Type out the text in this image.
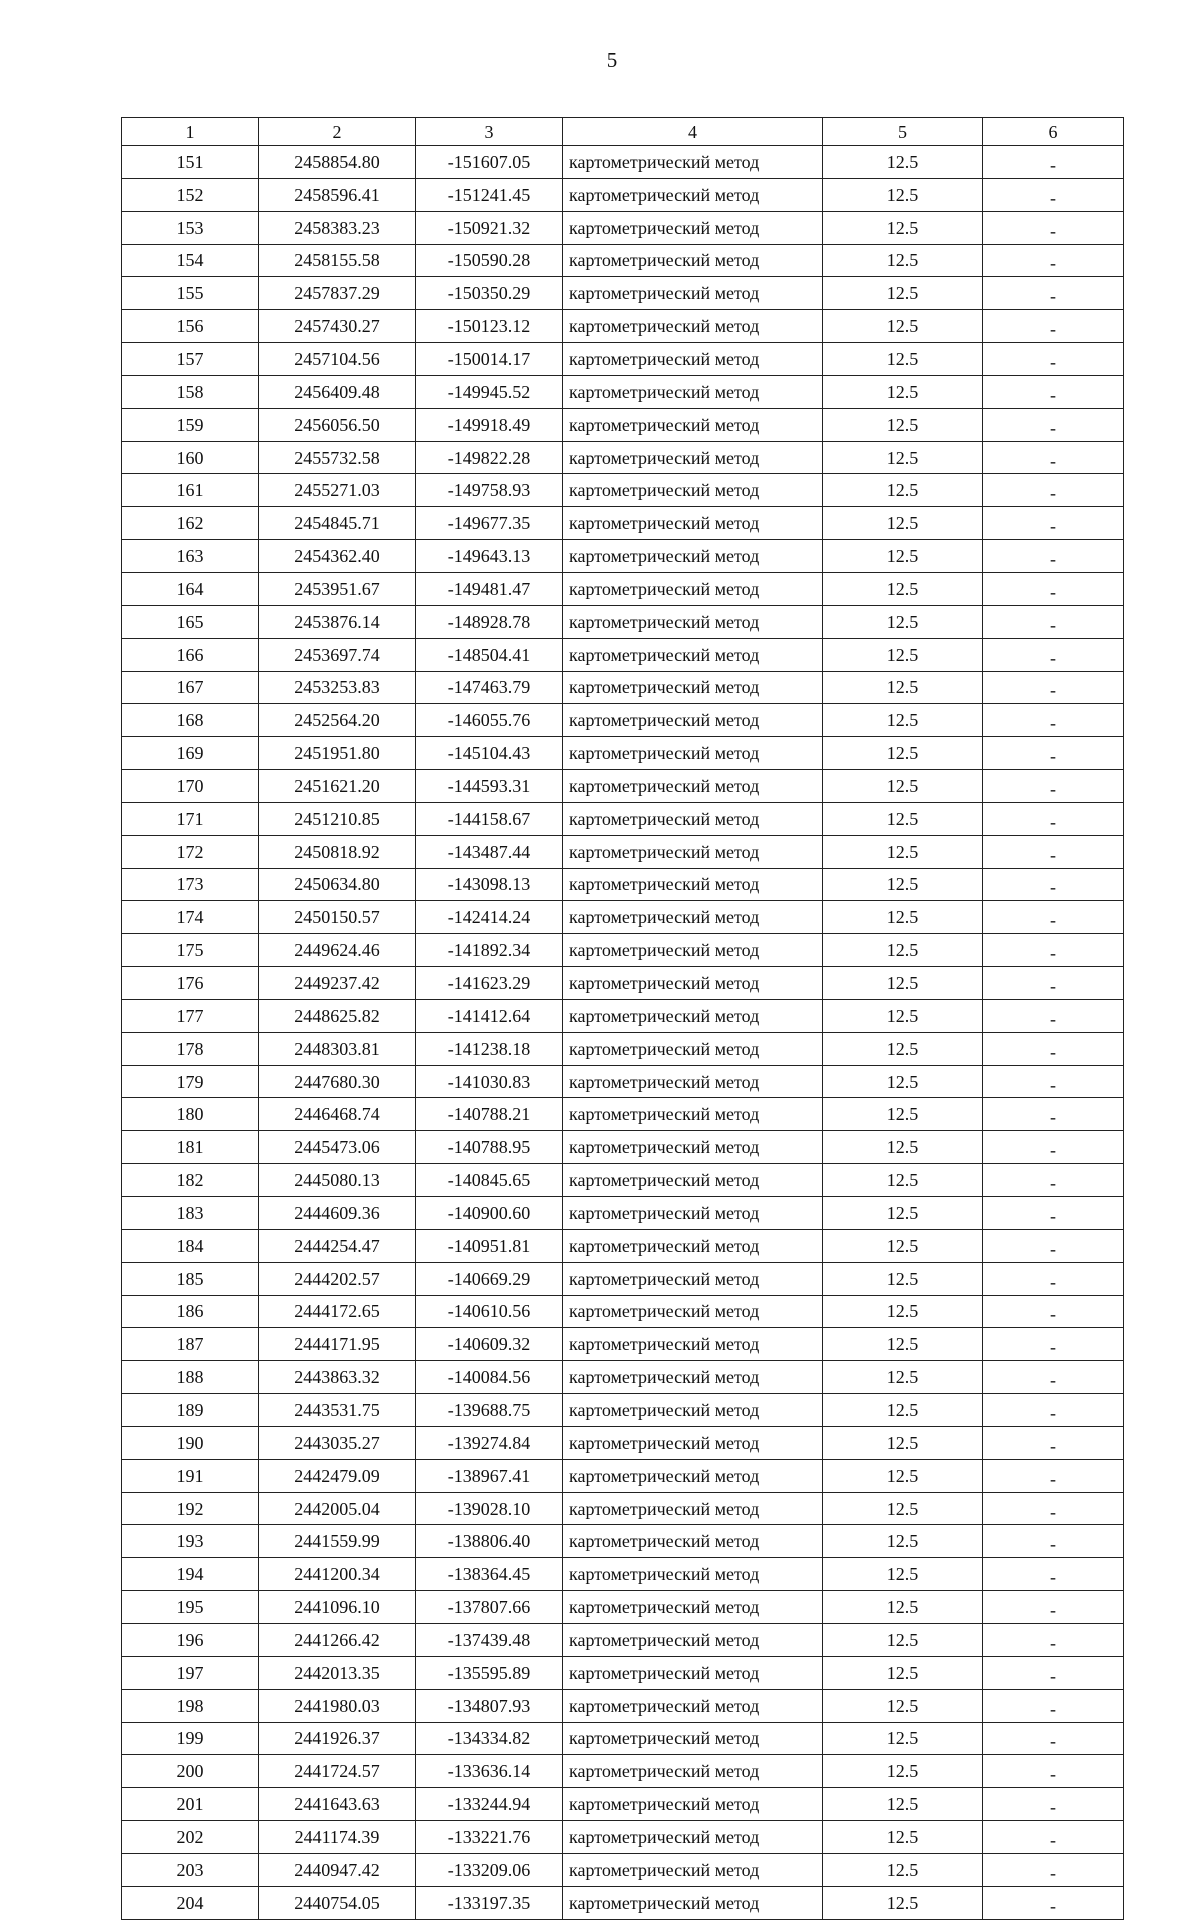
5
1	2	3	4	5	6
151	2458854.80	-151607.05	картометрический метод	12.5	-
152	2458596.41	-151241.45	картометрический метод	12.5	-
153	2458383.23	-150921.32	картометрический метод	12.5	-
154	2458155.58	-150590.28	картометрический метод	12.5	-
155	2457837.29	-150350.29	картометрический метод	12.5	-
156	2457430.27	-150123.12	картометрический метод	12.5	-
157	2457104.56	-150014.17	картометрический метод	12.5	-
158	2456409.48	-149945.52	картометрический метод	12.5	-
159	2456056.50	-149918.49	картометрический метод	12.5	-
160	2455732.58	-149822.28	картометрический метод	12.5	-
161	2455271.03	-149758.93	картометрический метод	12.5	-
162	2454845.71	-149677.35	картометрический метод	12.5	-
163	2454362.40	-149643.13	картометрический метод	12.5	-
164	2453951.67	-149481.47	картометрический метод	12.5	-
165	2453876.14	-148928.78	картометрический метод	12.5	-
166	2453697.74	-148504.41	картометрический метод	12.5	-
167	2453253.83	-147463.79	картометрический метод	12.5	-
168	2452564.20	-146055.76	картометрический метод	12.5	-
169	2451951.80	-145104.43	картометрический метод	12.5	-
170	2451621.20	-144593.31	картометрический метод	12.5	-
171	2451210.85	-144158.67	картометрический метод	12.5	-
172	2450818.92	-143487.44	картометрический метод	12.5	-
173	2450634.80	-143098.13	картометрический метод	12.5	-
174	2450150.57	-142414.24	картометрический метод	12.5	-
175	2449624.46	-141892.34	картометрический метод	12.5	-
176	2449237.42	-141623.29	картометрический метод	12.5	-
177	2448625.82	-141412.64	картометрический метод	12.5	-
178	2448303.81	-141238.18	картометрический метод	12.5	-
179	2447680.30	-141030.83	картометрический метод	12.5	-
180	2446468.74	-140788.21	картометрический метод	12.5	-
181	2445473.06	-140788.95	картометрический метод	12.5	-
182	2445080.13	-140845.65	картометрический метод	12.5	-
183	2444609.36	-140900.60	картометрический метод	12.5	-
184	2444254.47	-140951.81	картометрический метод	12.5	-
185	2444202.57	-140669.29	картометрический метод	12.5	-
186	2444172.65	-140610.56	картометрический метод	12.5	-
187	2444171.95	-140609.32	картометрический метод	12.5	-
188	2443863.32	-140084.56	картометрический метод	12.5	-
189	2443531.75	-139688.75	картометрический метод	12.5	-
190	2443035.27	-139274.84	картометрический метод	12.5	-
191	2442479.09	-138967.41	картометрический метод	12.5	-
192	2442005.04	-139028.10	картометрический метод	12.5	-
193	2441559.99	-138806.40	картометрический метод	12.5	-
194	2441200.34	-138364.45	картометрический метод	12.5	-
195	2441096.10	-137807.66	картометрический метод	12.5	-
196	2441266.42	-137439.48	картометрический метод	12.5	-
197	2442013.35	-135595.89	картометрический метод	12.5	-
198	2441980.03	-134807.93	картометрический метод	12.5	-
199	2441926.37	-134334.82	картометрический метод	12.5	-
200	2441724.57	-133636.14	картометрический метод	12.5	-
201	2441643.63	-133244.94	картометрический метод	12.5	-
202	2441174.39	-133221.76	картометрический метод	12.5	-
203	2440947.42	-133209.06	картометрический метод	12.5	-
204	2440754.05	-133197.35	картометрический метод	12.5	-
